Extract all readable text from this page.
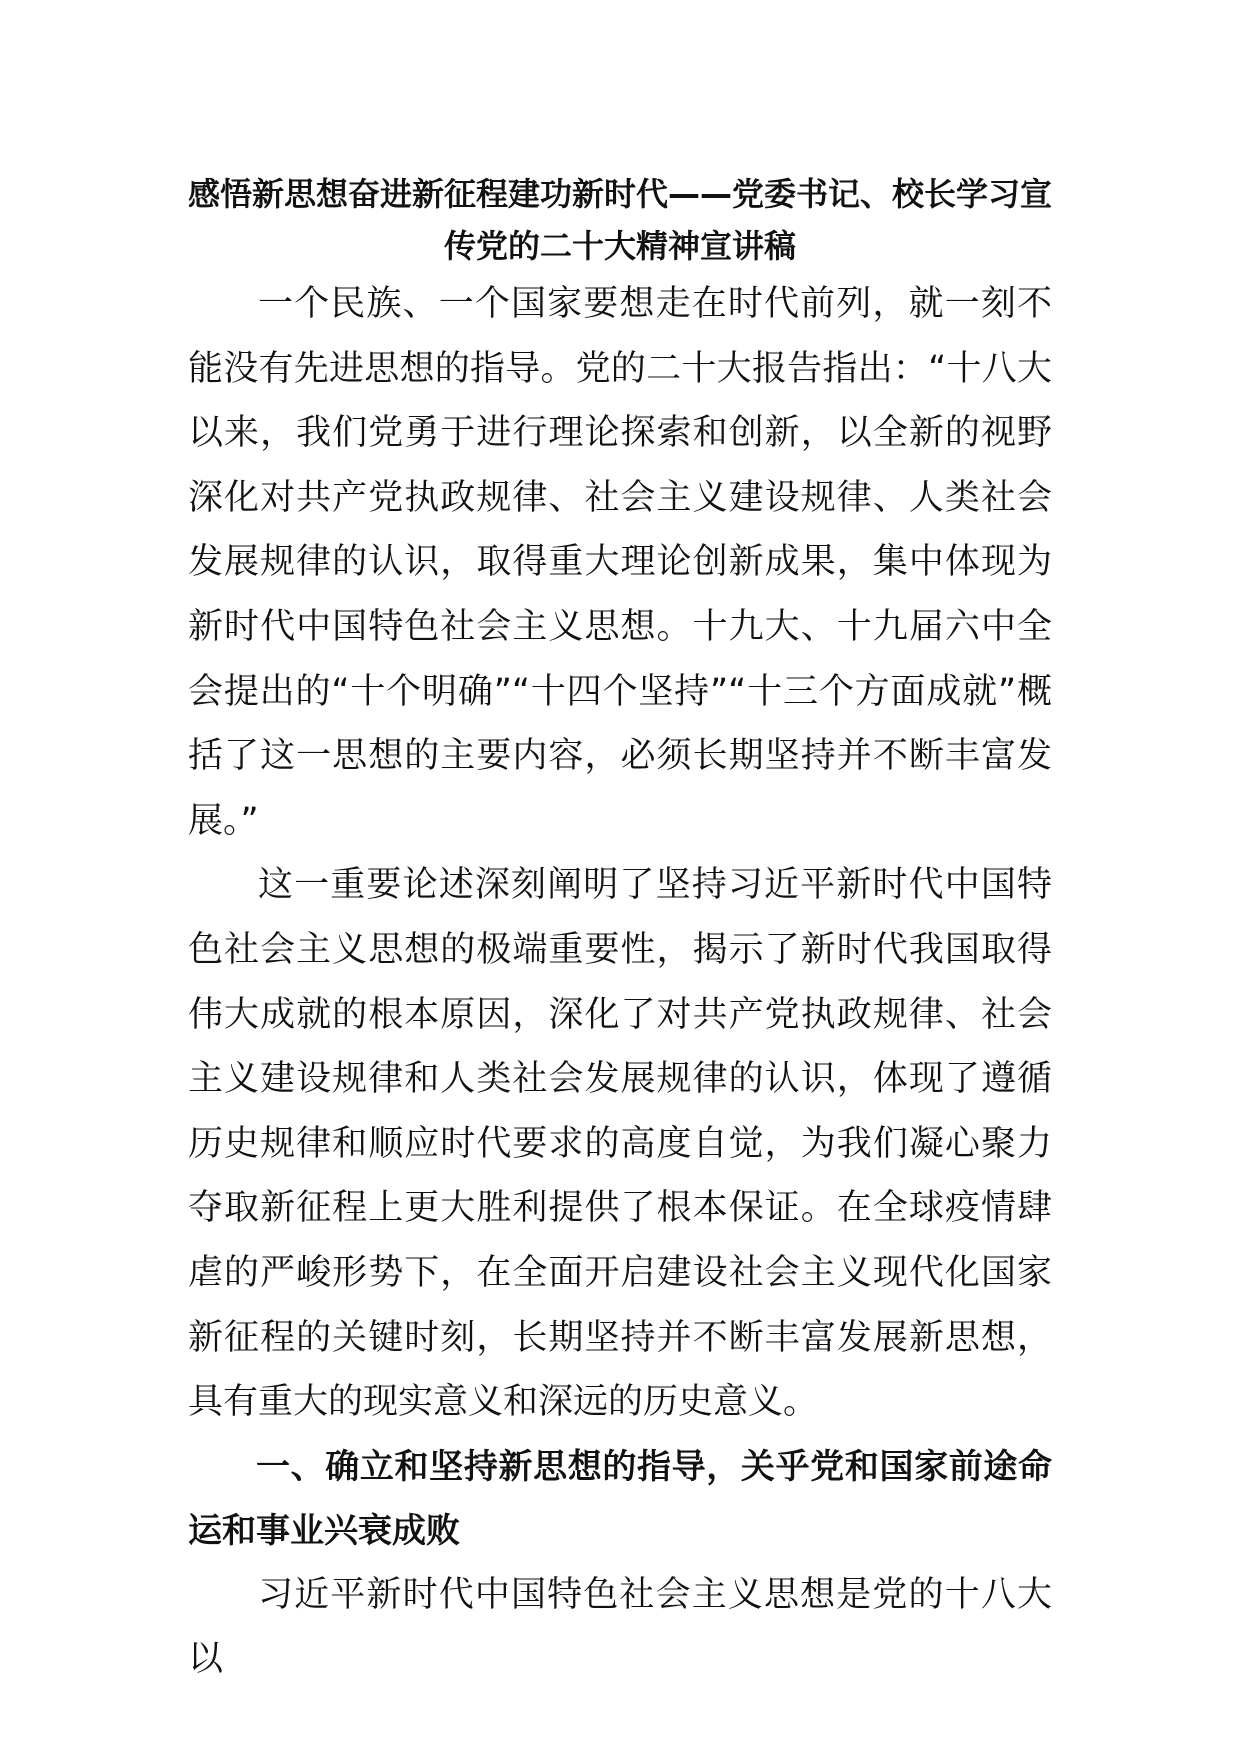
感悟新思想奋进新征程建功新时代——党委书记、校长学习宣传党的二十大精神宣讲稿

一个民族、一个国家要想走在时代前列，就一刻不能没有先进思想的指导。党的二十大报告指出：“十八大以来，我们党勇于进行理论探索和创新，以全新的视野深化对共产党执政规律、社会主义建设规律、人类社会发展规律的认识，取得重大理论创新成果，集中体现为新时代中国特色社会主义思想。十九大、十九届六中全会提出的“十个明确”“十四个坚持”“十三个方面成就”概括了这一思想的主要内容，必须长期坚持并不断丰富发展。”

这一重要论述深刻阐明了坚持习近平新时代中国特色社会主义思想的极端重要性，揭示了新时代我国取得伟大成就的根本原因，深化了对共产党执政规律、社会主义建设规律和人类社会发展规律的认识，体现了遵循历史规律和顺应时代要求的高度自觉，为我们凝心聚力夺取新征程上更大胜利提供了根本保证。在全球疫情肆虐的严峻形势下，在全面开启建设社会主义现代化国家新征程的关键时刻，长期坚持并不断丰富发展新思想，具有重大的现实意义和深远的历史意义。

一、确立和坚持新思想的指导，关乎党和国家前途命运和事业兴衰成败

习近平新时代中国特色社会主义思想是党的十八大以
